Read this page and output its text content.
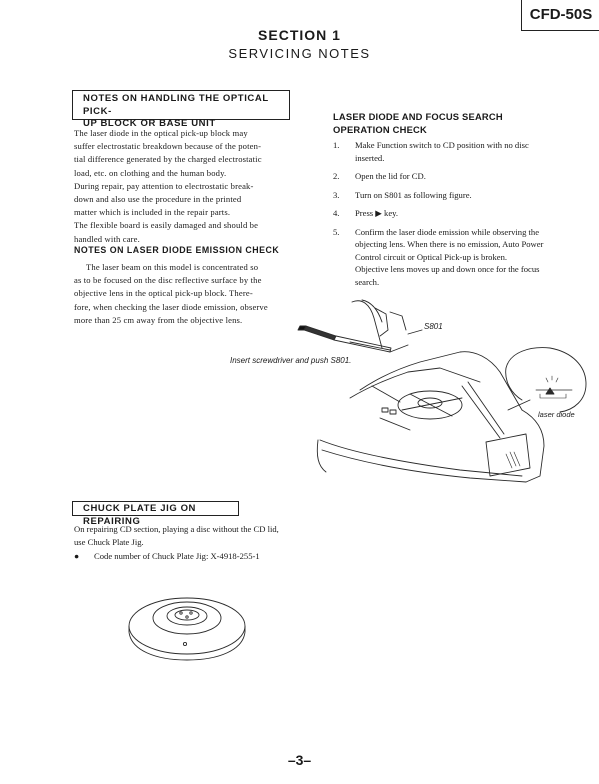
CFD-50S
SECTION 1
SERVICING NOTES
NOTES ON HANDLING THE OPTICAL PICK-
UP BLOCK OR BASE UNIT
The laser diode in the optical pick-up block may
suffer electrostatic breakdown because of the poten-
tial difference generated by the charged electrostatic
load, etc. on clothing and the human body.
During repair, pay attention to electrostatic break-
down and also use the procedure in the printed
matter which is included in the repair parts.
The flexible board is easily damaged and should be
handled with care.
NOTES ON LASER DIODE EMISSION CHECK
The laser beam on this model is concentrated so
as to be focused on the disc reflective surface by the
objective lens in the optical pick-up block. There-
fore, when checking the laser diode emission, observe
more than 25 cm away from the objective lens.
LASER DIODE AND FOCUS SEARCH
OPERATION CHECK
1.	Make Function switch to CD position with no disc
inserted.
2.	Open the lid for CD.
3.	Turn on S801 as following figure.
4.	Press ▶ key.
5.	Confirm the laser diode emission while observing the
objecting lens. When there is no emission, Auto Power
Control circuit or Optical Pick-up is broken.
Objective lens moves up and down once for the focus
search.
S801
Insert screwdriver and push S801.
laser diode
CHUCK PLATE JIG ON REPAIRING
On repairing CD section, playing a disc without the CD lid,
use Chuck Plate Jig.
●	Code number of Chuck Plate Jig: X-4918-255-1
–3–
